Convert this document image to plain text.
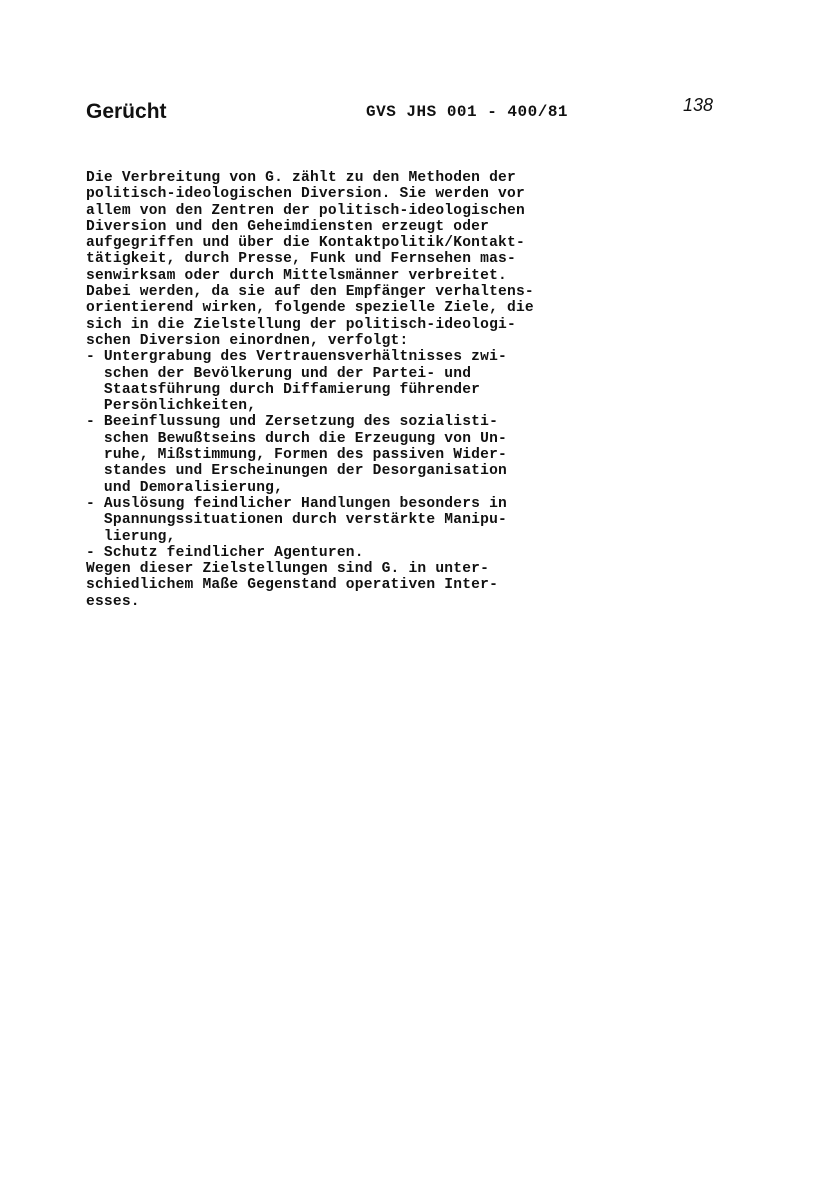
Gerücht	GVS JHS 001 - 400/81	138
Die Verbreitung von G. zählt zu den Methoden der
politisch-ideologischen Diversion. Sie werden vor
allem von den Zentren der politisch-ideologischen
Diversion und den Geheimdiensten erzeugt oder
aufgegriffen und über die Kontaktpolitik/Kontakt-
tätigkeit, durch Presse, Funk und Fernsehen mas-
senwirksam oder durch Mittelsmänner verbreitet.
Dabei werden, da sie auf den Empfänger verhaltens-
orientierend wirken, folgende spezielle Ziele, die
sich in die Zielstellung der politisch-ideologi-
schen Diversion einordnen, verfolgt:
- Untergrabung des Vertrauensverhältnisses zwi-
schen der Bevölkerung und der Partei- und
Staatsführung durch Diffamierung führender
Persönlichkeiten,
- Beeinflussung und Zersetzung des sozialisti-
schen Bewußtseins durch die Erzeugung von Un-
ruhe, Mißstimmung, Formen des passiven Wider-
standes und Erscheinungen der Desorganisation
und Demoralisierung,
- Auslösung feindlicher Handlungen besonders in
Spannungssituationen durch verstärkte Manipu-
lierung,
- Schutz feindlicher Agenturen.
Wegen dieser Zielstellungen sind G. in unter-
schiedlichem Maße Gegenstand operativen Inter-
esses.
